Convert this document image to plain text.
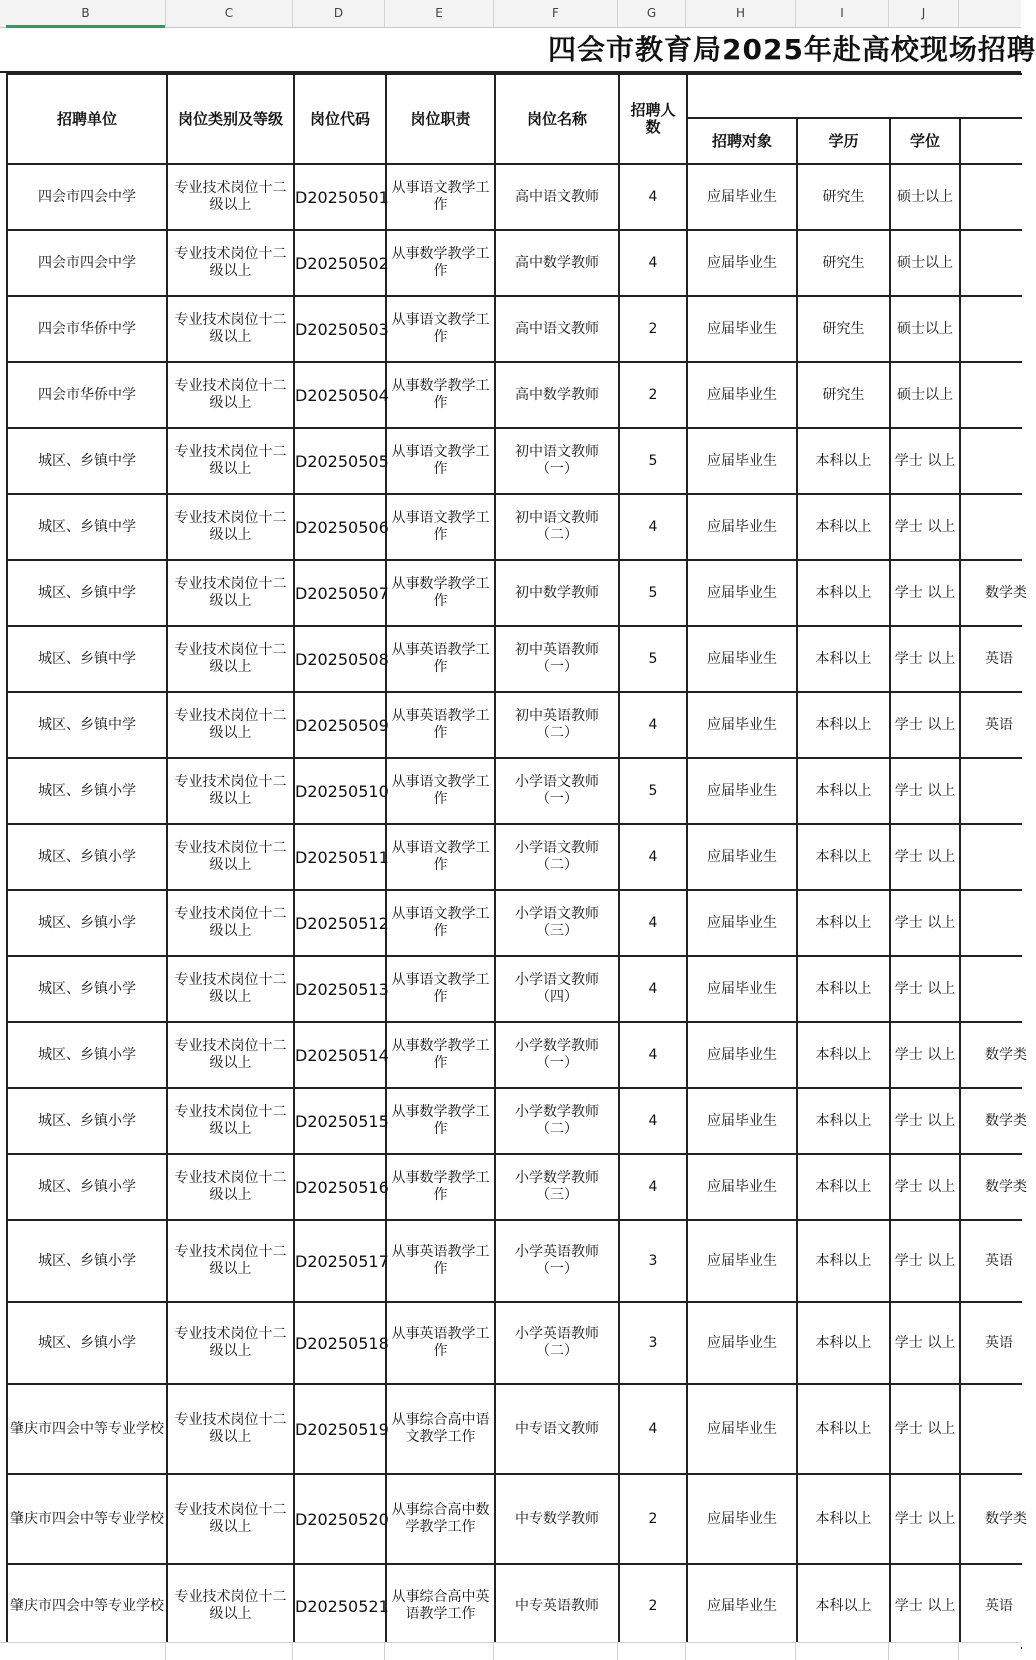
B	C	D	E	F	G	H	I	J
四会市教育局2025年赴高校现场招聘
招聘单位	岗位类别及等级	岗位代码	岗位职责	岗位名称	招聘人数				
						招聘对象	学历	学位	
四会市四会中学	专业技术岗位十二级以上	D20250501	从事语文教学工作	高中语文教师	4	应届毕业生	研究生	硕士以上	
四会市四会中学	专业技术岗位十二级以上	D20250502	从事数学教学工作	高中数学教师	4	应届毕业生	研究生	硕士以上	
四会市华侨中学	专业技术岗位十二级以上	D20250503	从事语文教学工作	高中语文教师	2	应届毕业生	研究生	硕士以上	
四会市华侨中学	专业技术岗位十二级以上	D20250504	从事数学教学工作	高中数学教师	2	应届毕业生	研究生	硕士以上	
城区、乡镇中学	专业技术岗位十二级以上	D20250505	从事语文教学工作	初中语文教师（一）	5	应届毕业生	本科以上	学士 以上	
城区、乡镇中学	专业技术岗位十二级以上	D20250506	从事语文教学工作	初中语文教师（二）	4	应届毕业生	本科以上	学士 以上	
城区、乡镇中学	专业技术岗位十二级以上	D20250507	从事数学教学工作	初中数学教师	5	应届毕业生	本科以上	学士 以上	数学类
城区、乡镇中学	专业技术岗位十二级以上	D20250508	从事英语教学工作	初中英语教师（一）	5	应届毕业生	本科以上	学士 以上	英语
城区、乡镇中学	专业技术岗位十二级以上	D20250509	从事英语教学工作	初中英语教师（二）	4	应届毕业生	本科以上	学士 以上	英语
城区、乡镇小学	专业技术岗位十二级以上	D20250510	从事语文教学工作	小学语文教师（一）	5	应届毕业生	本科以上	学士 以上	
城区、乡镇小学	专业技术岗位十二级以上	D20250511	从事语文教学工作	小学语文教师（二）	4	应届毕业生	本科以上	学士 以上	
城区、乡镇小学	专业技术岗位十二级以上	D20250512	从事语文教学工作	小学语文教师（三）	4	应届毕业生	本科以上	学士 以上	
城区、乡镇小学	专业技术岗位十二级以上	D20250513	从事语文教学工作	小学语文教师（四）	4	应届毕业生	本科以上	学士 以上	
城区、乡镇小学	专业技术岗位十二级以上	D20250514	从事数学教学工作	小学数学教师（一）	4	应届毕业生	本科以上	学士 以上	数学类
城区、乡镇小学	专业技术岗位十二级以上	D20250515	从事数学教学工作	小学数学教师（二）	4	应届毕业生	本科以上	学士 以上	数学类
城区、乡镇小学	专业技术岗位十二级以上	D20250516	从事数学教学工作	小学数学教师（三）	4	应届毕业生	本科以上	学士 以上	数学类
城区、乡镇小学	专业技术岗位十二级以上	D20250517	从事英语教学工作	小学英语教师（一）	3	应届毕业生	本科以上	学士 以上	英语
城区、乡镇小学	专业技术岗位十二级以上	D20250518	从事英语教学工作	小学英语教师（二）	3	应届毕业生	本科以上	学士 以上	英语
肇庆市四会中等专业学校	专业技术岗位十二级以上	D20250519	从事综合高中语文教学工作	中专语文教师	4	应届毕业生	本科以上	学士 以上	
肇庆市四会中等专业学校	专业技术岗位十二级以上	D20250520	从事综合高中数学教学工作	中专数学教师	2	应届毕业生	本科以上	学士 以上	数学类
肇庆市四会中等专业学校	专业技术岗位十二级以上	D20250521	从事综合高中英语教学工作	中专英语教师	2	应届毕业生	本科以上	学士 以上	英语
